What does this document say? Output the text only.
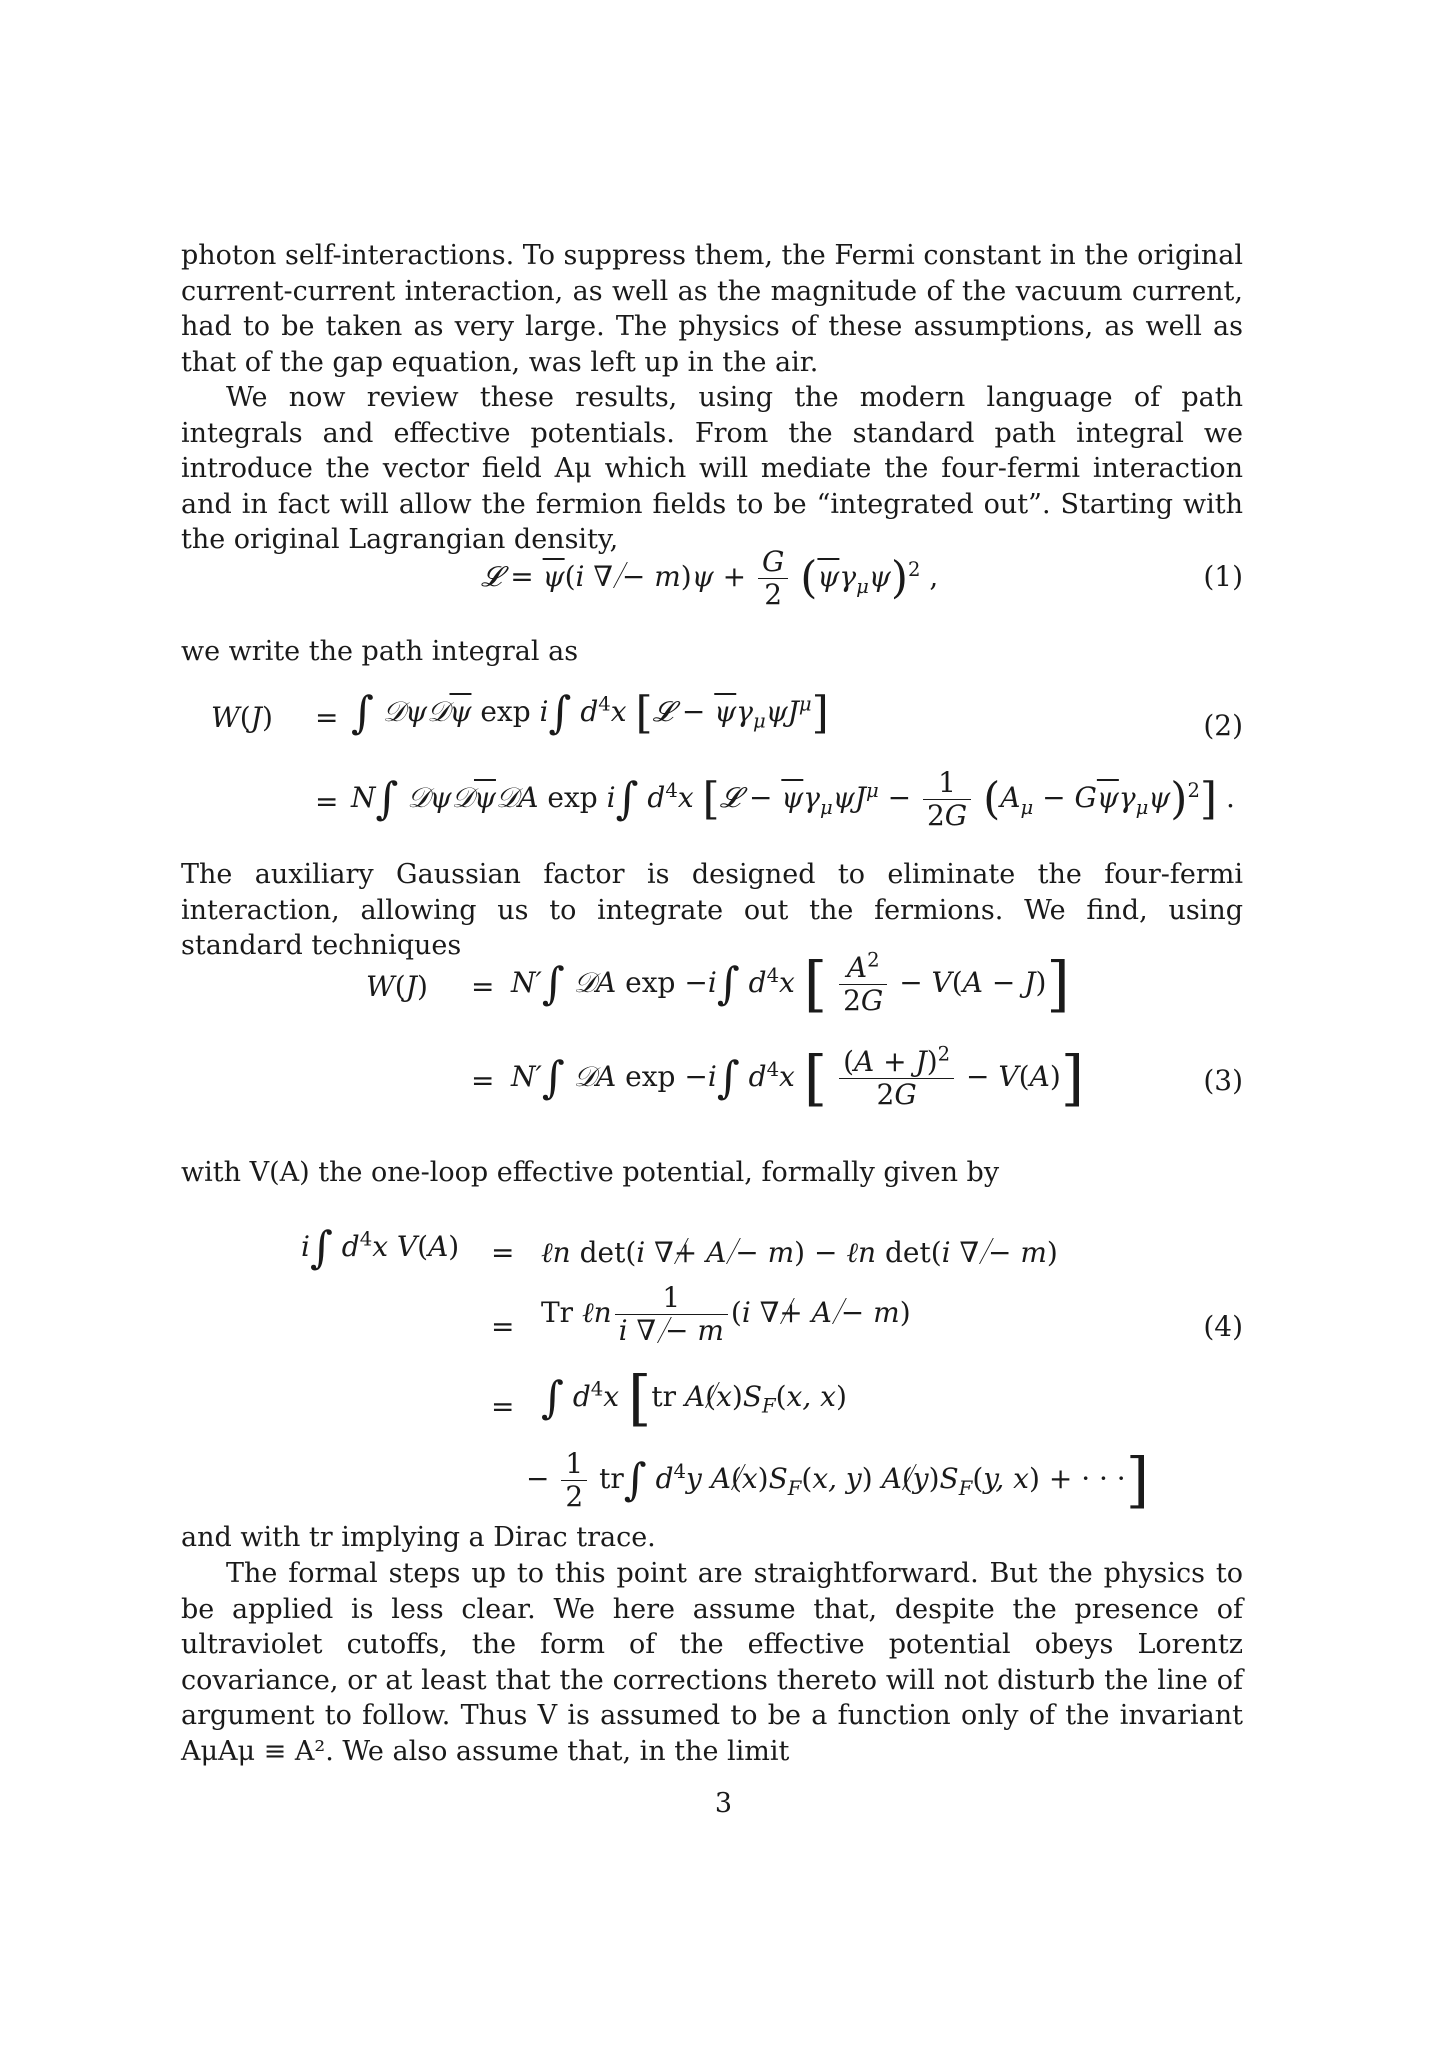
photon self-interactions. To suppress them, the Fermi constant in the original current-current interaction, as well as the magnitude of the vacuum current, had to be taken as very large. The physics of these assumptions, as well as that of the gap equation, was left up in the air.

We now review these results, using the modern language of path integrals and effective potentials. From the standard path integral we introduce the vector field Aμ which will mediate the four-fermi interaction and in fact will allow the fermion fields to be “integrated out”. Starting with the original Lagrangian density,

𝓛 = $\overline{\psi}(i$ ∇ − $m)\psi + \frac{G}{2} (\overline{\psi}\gamma_\mu\psi)^2$ ,	(1)

we write the path integral as

W(J) = ∫ $𝒟\psi 𝒟\overline{\psi}$ exp i∫ $d^4x$ [𝓛 − $\overline{\psi}\gamma_\mu\psi J^\mu$]	(2)
= N∫ $𝒟\psi 𝒟\overline{\psi}𝒟A$ exp i∫ $d^4x$ [𝓛 − $\overline{\psi}\gamma_\mu\psi J^\mu - \frac{1}{2G} (A_\mu - G\overline{\psi}\gamma_\mu\psi)^2$] .

The auxiliary Gaussian factor is designed to eliminate the four-fermi interaction, allowing us to integrate out the fermions. We find, using standard techniques

W(J) = N′∫ 𝒟A exp −i∫ $d^4x$ [ $\frac{A^2}{2G} - V(A - J)$]
= N′∫ 𝒟A exp −i∫ $d^4x$ [ $\frac{(A + J)^2}{2G} - V(A)$]	(3)

with V(A) the one-loop effective potential, formally given by

i∫ $d^4x$ V(A) = ℓn det(i ∇+ A − m) − ℓn det(i ∇ − m)
= Tr ℓn $\frac{1}{i \nabla - m} (i$ ∇+ A − m)	(4)
= ∫ $d^4x$ [tr $A(x)S_F(x$, x)
− $\frac{1}{2} tr\int$ $d^4y$ $A(x)S_F(x$, y) $A(y)S_F(y$, x) + · · ·]

and with tr implying a Dirac trace.

The formal steps up to this point are straightforward. But the physics to be applied is less clear. We here assume that, despite the presence of ultraviolet cutoffs, the form of the effective potential obeys Lorentz covariance, or at least that the corrections thereto will not disturb the line of argument to follow. Thus V is assumed to be a function only of the invariant AμAμ ≡ A². We also assume that, in the limit

3
